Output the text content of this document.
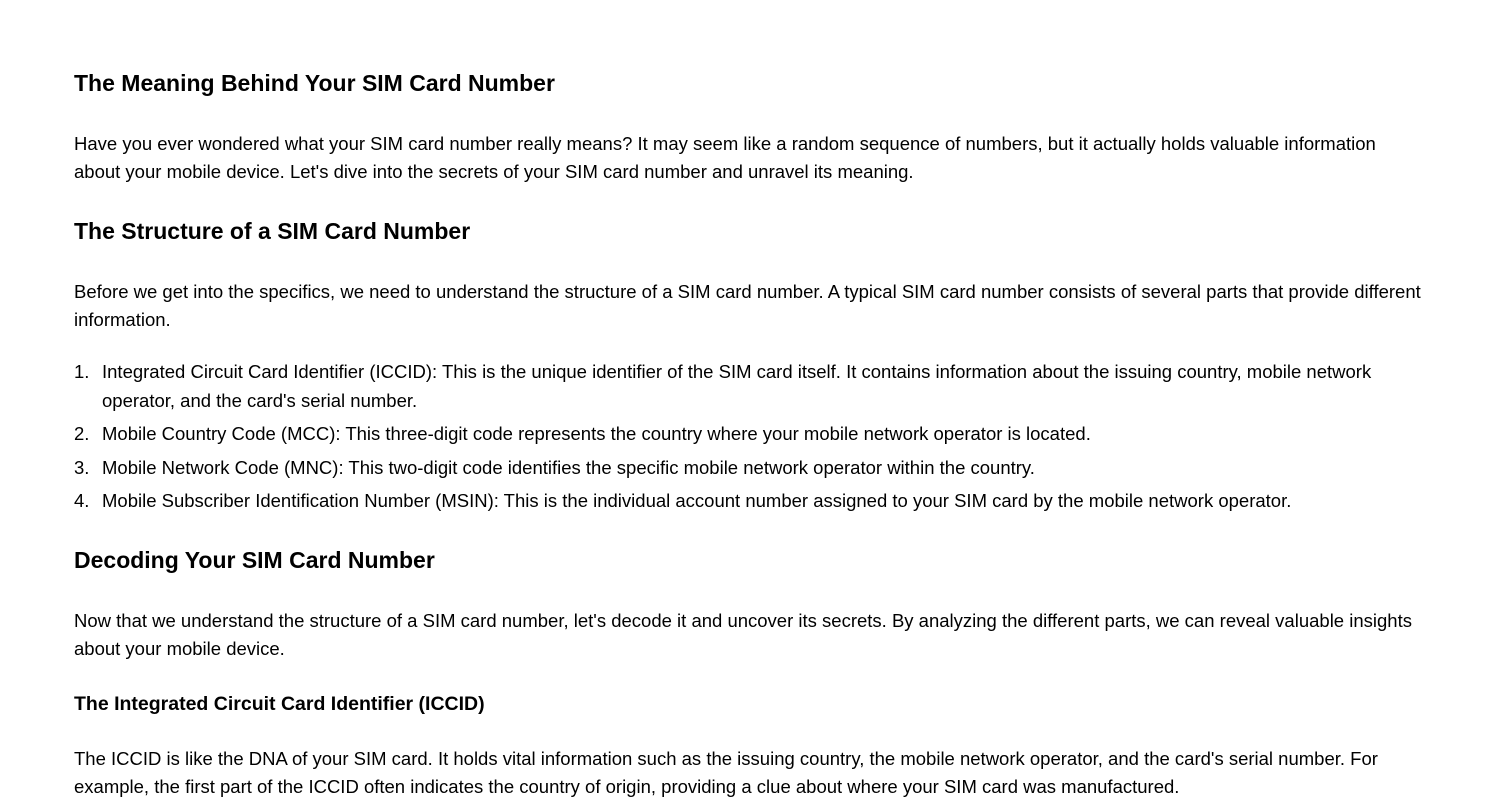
The Meaning Behind Your SIM Card Number

Have you ever wondered what your SIM card number really means? It may seem like a random sequence of numbers, but it actually holds valuable information about your mobile device. Let's dive into the secrets of your SIM card number and unravel its meaning.

The Structure of a SIM Card Number

Before we get into the specifics, we need to understand the structure of a SIM card number. A typical SIM card number consists of several parts that provide different information.

1. Integrated Circuit Card Identifier (ICCID): This is the unique identifier of the SIM card itself. It contains information about the issuing country, mobile network operator, and the card's serial number.
2. Mobile Country Code (MCC): This three-digit code represents the country where your mobile network operator is located.
3. Mobile Network Code (MNC): This two-digit code identifies the specific mobile network operator within the country.
4. Mobile Subscriber Identification Number (MSIN): This is the individual account number assigned to your SIM card by the mobile network operator.
Decoding Your SIM Card Number

Now that we understand the structure of a SIM card number, let's decode it and uncover its secrets. By analyzing the different parts, we can reveal valuable insights about your mobile device.

The Integrated Circuit Card Identifier (ICCID)

The ICCID is like the DNA of your SIM card. It holds vital information such as the issuing country, the mobile network operator, and the card's serial number. For example, the first part of the ICCID often indicates the country of origin, providing a clue about where your SIM card was manufactured.
